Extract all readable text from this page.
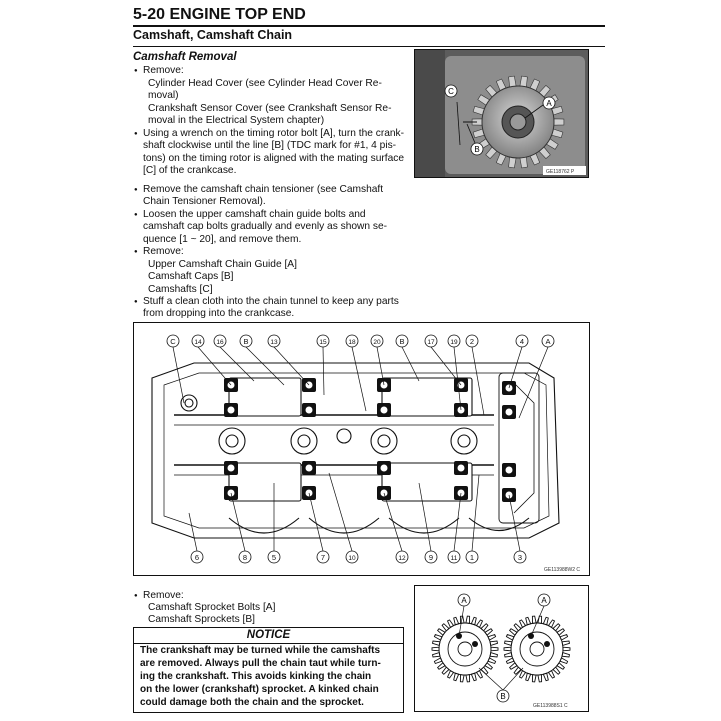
5-20 ENGINE TOP END
Camshaft, Camshaft Chain
Camshaft Removal
● Remove:
Cylinder Head Cover (see Cylinder Head Cover Re-
moval)
Crankshaft Sensor Cover (see Crankshaft Sensor Re-
moval in the Electrical System chapter)
● Using a wrench on the timing rotor bolt [A], turn the crank-
shaft clockwise until the line [B] (TDC mark for #1, 4 pis-
tons) on the timing rotor is aligned with the mating surface
[C] of the crankcase.
● Remove the camshaft chain tensioner (see Camshaft
Chain Tensioner Removal).
● Loosen the upper camshaft chain guide bolts and
camshaft cap bolts gradually and evenly as shown se-
quence [1 ~ 20], and remove them.
● Remove:
Upper Camshaft Chain Guide [A]
Camshaft Caps [B]
Camshafts [C]
● Stuff a clean cloth into the chain tunnel to keep any parts
from dropping into the crankcase.
● Remove:
Camshaft Sprocket Bolts [A]
Camshaft Sprockets [B]
NOTICE
The crankshaft may be turned while the camshafts
are removed. Always pull the chain taut while turn-
ing the crankshaft. This avoids kinking the chain
on the lower (crankshaft) sprocket. A kinked chain
could damage both the chain and the sprocket.
C
A
B
GE118762 P
C	14 16	B	13	15	18	20	B	17 19 2	4	A
6	8	5	7	10	12	9	11 1	3
GE113988W2 C
A	A
B
GE113988S1 C
